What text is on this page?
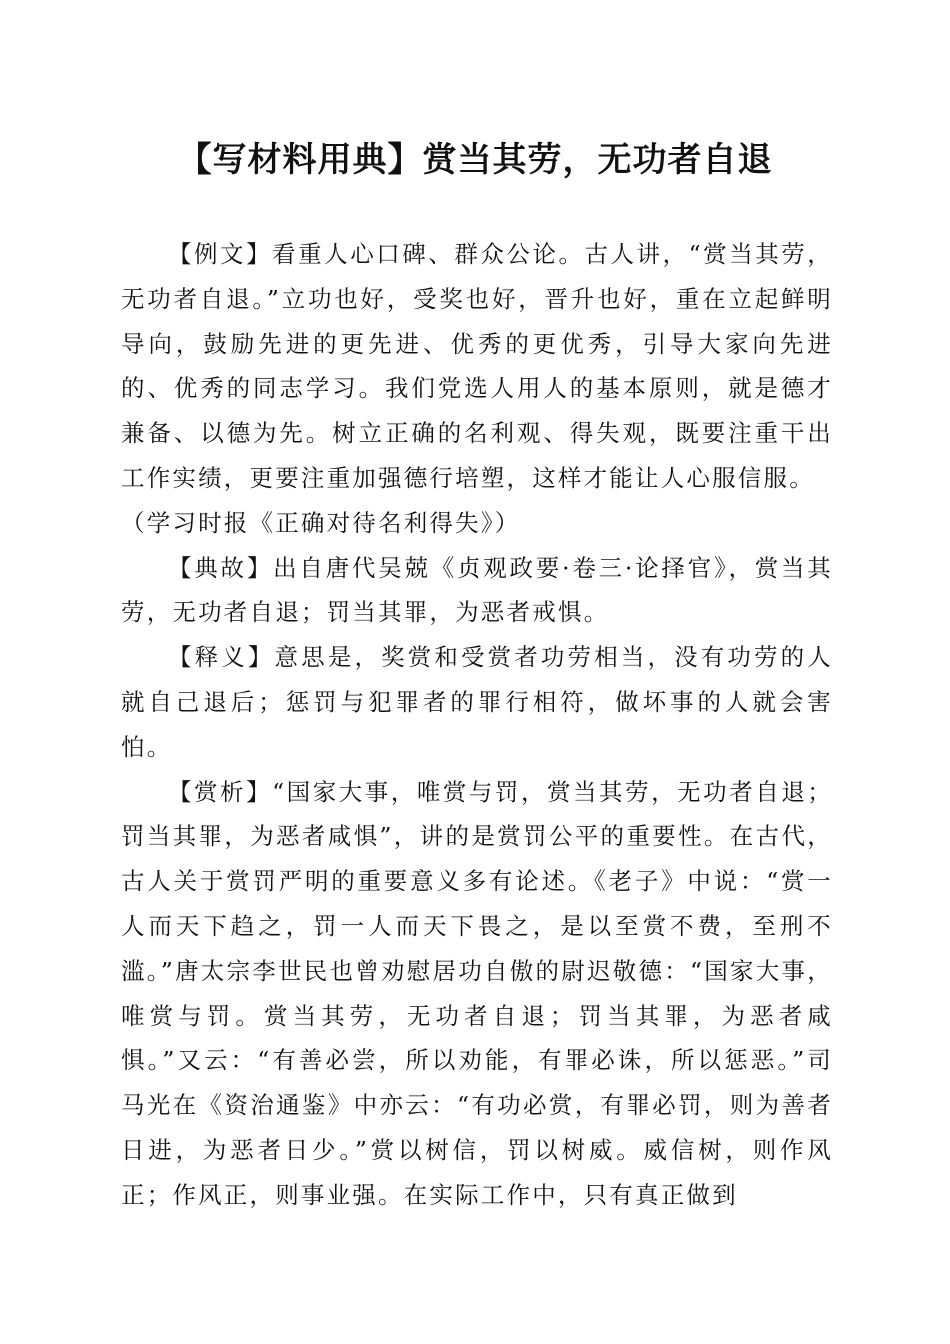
【写材料用典】赏当其劳，无功者自退

【例文】看重人心口碑、群众公论。古人讲，“赏当其劳，无功者自退。”立功也好，受奖也好，晋升也好，重在立起鲜明导向，鼓励先进的更先进、优秀的更优秀，引导大家向先进的、优秀的同志学习。我们党选人用人的基本原则，就是德才兼备、以德为先。树立正确的名利观、得失观，既要注重干出工作实绩，更要注重加强德行培塑，这样才能让人心服信服。

（学习时报《正确对待名利得失》）

【典故】出自唐代吴兢《贞观政要·卷三·论择官》，赏当其劳，无功者自退；罚当其罪，为恶者戒惧。

【释义】意思是，奖赏和受赏者功劳相当，没有功劳的人就自己退后；惩罚与犯罪者的罪行相符，做坏事的人就会害怕。

【赏析】“国家大事，唯赏与罚，赏当其劳，无功者自退；罚当其罪，为恶者咸惧”，讲的是赏罚公平的重要性。在古代，古人关于赏罚严明的重要意义多有论述。《老子》中说：“赏一人而天下趋之，罚一人而天下畏之，是以至赏不费，至刑不滥。”唐太宗李世民也曾劝慰居功自傲的尉迟敬德：“国家大事，唯赏与罚。赏当其劳，无功者自退；罚当其罪，为恶者咸惧。”又云：“有善必尝，所以劝能，有罪必诛，所以惩恶。”司马光在《资治通鉴》中亦云：“有功必赏，有罪必罚，则为善者日进，为恶者日少。”赏以树信，罚以树威。威信树，则作风正；作风正，则事业强。在实际工作中，只有真正做到
